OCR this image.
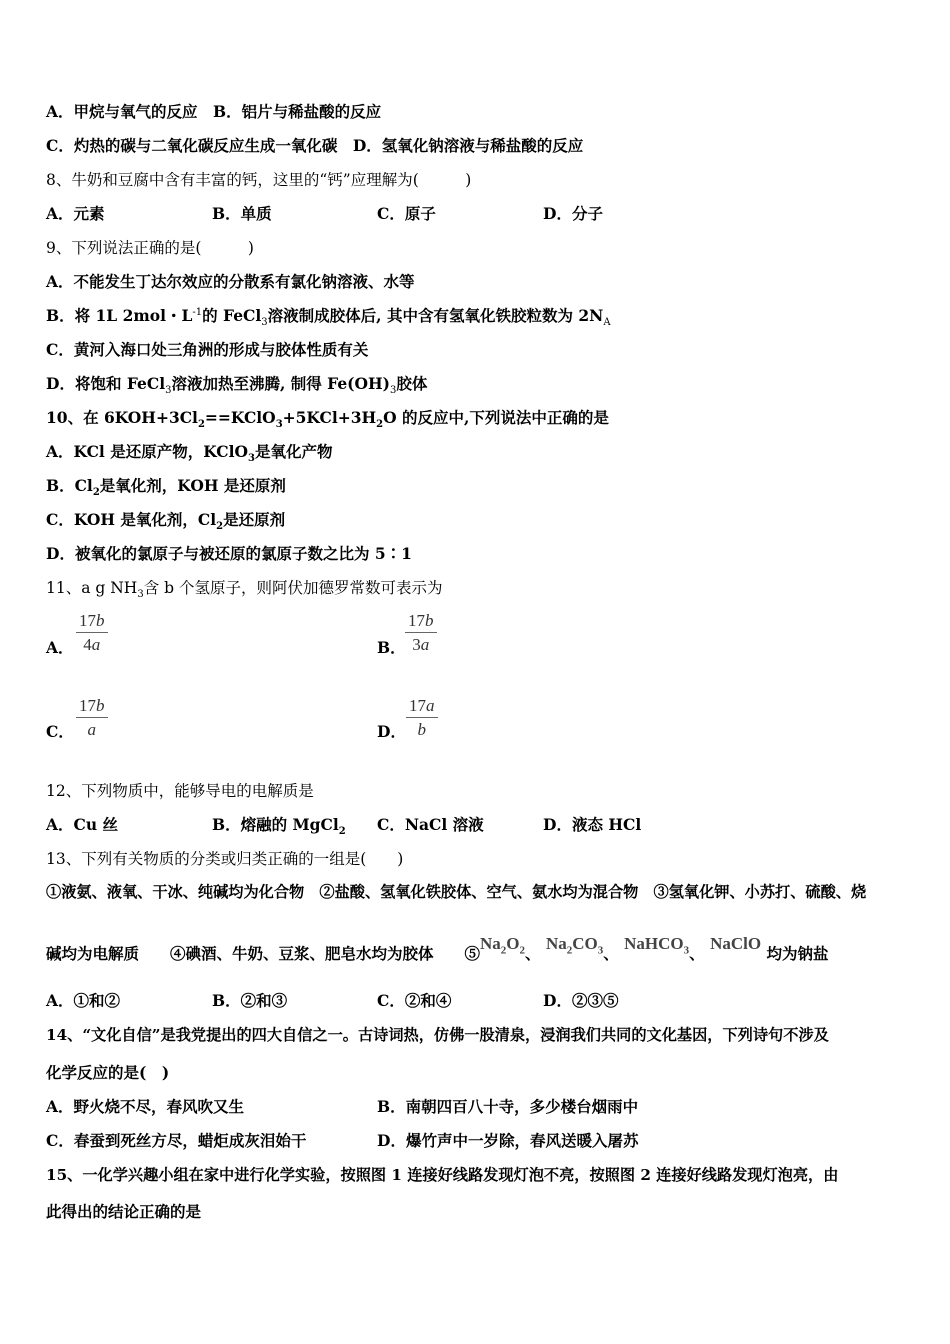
A．甲烷与氧气的反应　 B．铝片与稀盐酸的反应
C．灼热的碳与二氧化碳反应生成一氧化碳　 D．氢氧化钠溶液与稀盐酸的反应
8、牛奶和豆腐中含有丰富的钙，这里的“钙”应理解为(　　　)
A．元素	B．单质	C．原子	D．分子
9、下列说法正确的是(　　　)
A．不能发生丁达尔效应的分散系有氯化钠溶液、水等
B．将 1L 2mol・$L^{-1}$的 FeCl$_3$溶液制成胶体后, 其中含有氢氧化铁胶粒数为 $2N_A$
C．黄河入海口处三角洲的形成与胶体性质有关
D．将饱和 FeCl$_3$溶液加热至沸腾, 制得 $Fe(OH)_3$胶体
10、在 $6KOH+3Cl_2==KClO_3+5KCl+3H_2O$ 的反应中,下列说法中正确的是
A．KCl 是还原产物，KClO$_3$是氧化产物
B．$Cl_2$是氧化剂，KOH 是还原剂
C．KOH 是氧化剂，$Cl_2$是还原剂
D．被氧化的氯原子与被还原的氯原子数之比为 5∶1
11、a g $NH_3$含 b 个氢原子，则阿伏加德罗常数可表示为
A． $\frac{17b}{4a}$	B． $\frac{17b}{3a}$
C． $\frac{17b}{a}$	D． $\frac{17a}{b}$
12、下列物质中，能够导电的电解质是
A．Cu 丝	B．熔融的 MgCl$_2$ C．NaCl 溶液	D．液态 HCl
13、下列有关物质的分类或归类正确的一组是(　　)
①液氨、液氧、干冰、纯碱均为化合物　②盐酸、氢氧化铁胶体、空气、氨水均为混合物　③氢氧化钾、小苏打、硫酸、烧
碱均为电解质　　④碘酒、牛奶、豆浆、肥皂水均为胶体　　$⑤Na_2O_2$、 $Na_2CO_3$、 NaHCO$_3$、 NaClO 均为钠盐
A．①和②	B．②和③	C．②和④	D．②③⑤
14、“文化自信”是我党提出的四大自信之一。古诗词热，仿佛一股清泉，浸润我们共同的文化基因，下列诗句不涉及
化学反应的是(　)
A．野火烧不尽，春风吹又生	B．南朝四百八十寺，多少楼台烟雨中
C．春蚕到死丝方尽，蜡炬成灰泪始干	D．爆竹声中一岁除，春风送暖入屠苏
15、一化学兴趣小组在家中进行化学实验，按照图 1 连接好线路发现灯泡不亮，按照图 2 连接好线路发现灯泡亮，由
此得出的结论正确的是
